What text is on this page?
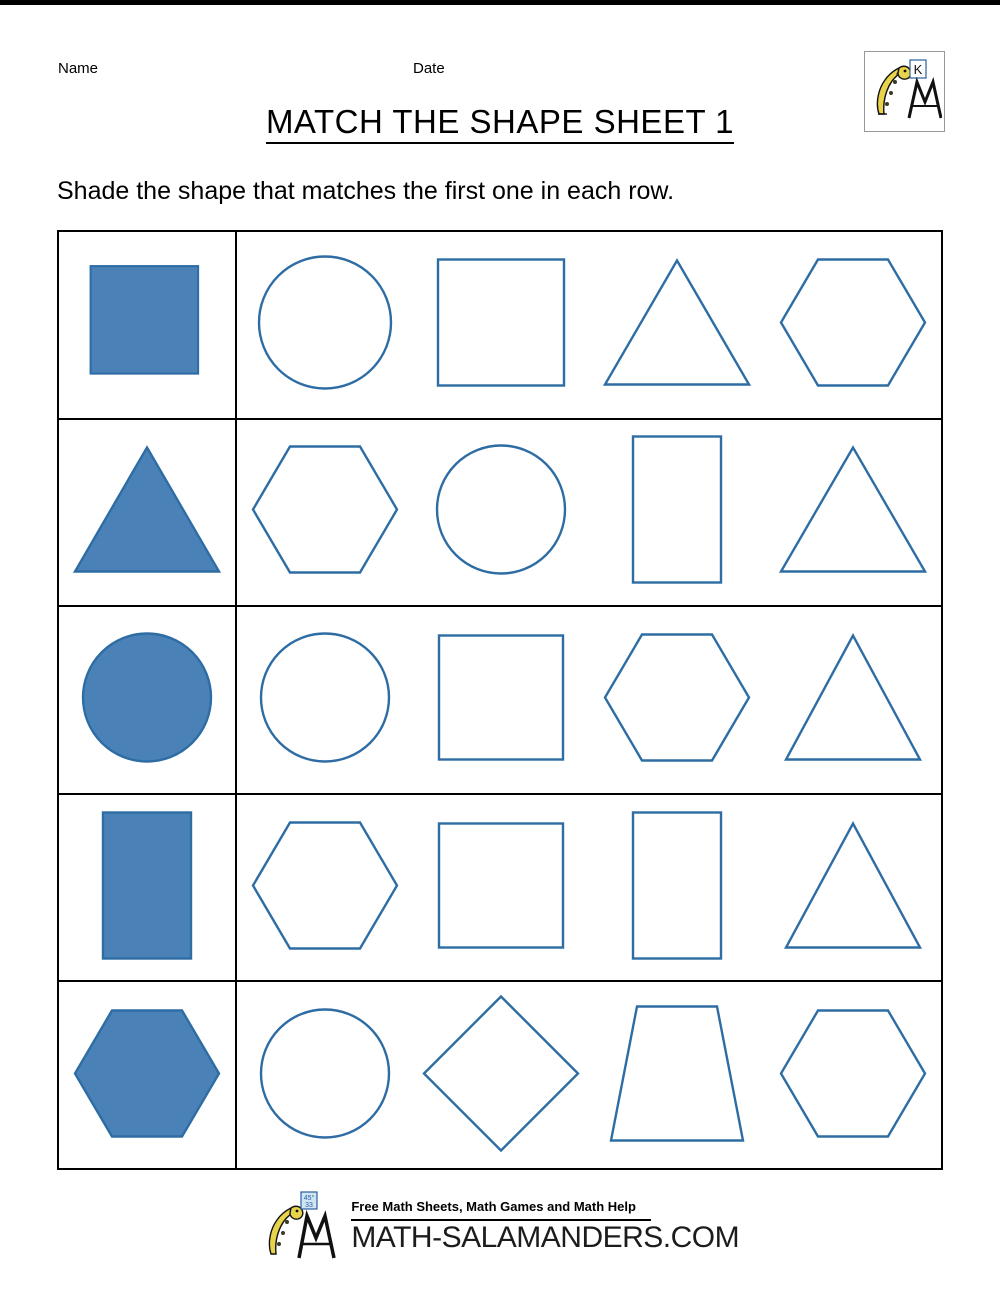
Name	Date	K
MATCH THE SHAPE SHEET 1
Shade the shape that matches the first one in each row.
45°
33	Free Math Sheets, Math Games and Math Help
MATH-SALAMANDERS.COM
